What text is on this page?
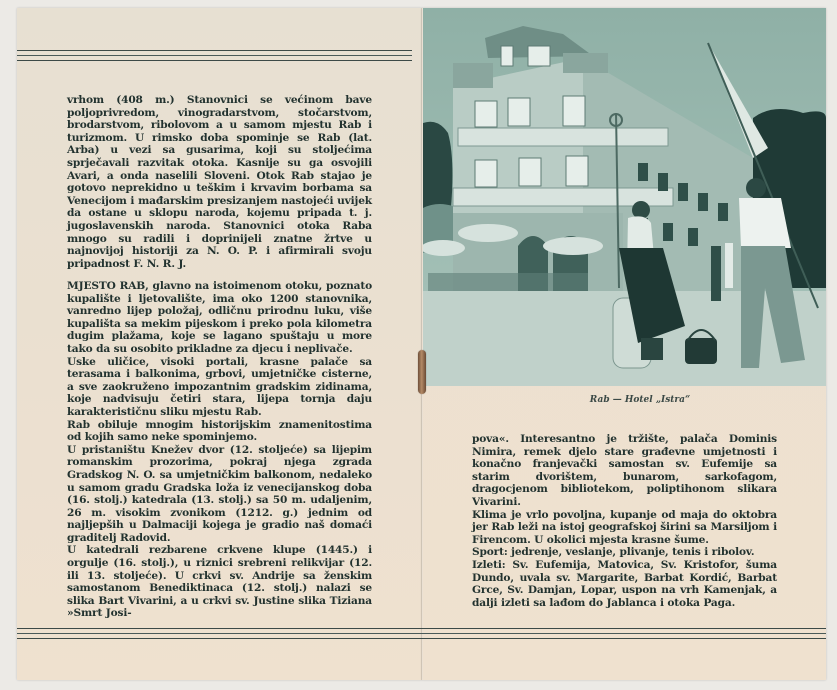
vrhom (408 m.) Stanovnici se većinom bave poljoprivredom, vinogradarstvom, stočarstvom, brodarstvom, ribolovom a u samom mjestu Rab i turizmom. U rimsko doba spominje se Rab (lat. Arba) u vezi sa gusarima, koji su stoljećima sprječavali razvitak otoka. Kasnije su ga osvojili Avari, a onda naselili Sloveni. Otok Rab stajao je gotovo neprekidno u teškim i krvavim borbama sa Venecijom i mađarskim presizanjem nastojeći uvijek da ostane u sklopu naroda, kojemu pripada t. j. jugoslavenskih naroda. Stanovnici otoka Raba mnogo su radili i doprinijeli znatne žrtve u najnovijoj historiji za N. O. P. i afirmirali svoju pripadnost F. N. R. J.

MJESTO RAB, glavno na istoimenom otoku, poznato kupalište i ljetovalište, ima oko 1200 stanovnika, vanredno lijep položaj, odličnu prirodnu luku, više kupališta sa mekim pijeskom i preko pola kilometra dugim plažama, koje se lagano spuštaju u more tako da su osobito prikladne za djecu i neplivače.

Uske uličice, visoki portali, krasne palače sa terasama i balkonima, grbovi, umjetničke cisterne, a sve zaokruženo impozantnim gradskim zidinama, koje nadvisuju četiri stara, lijepa tornja daju karakterističnu sliku mjestu Rab.

Rab obiluje mnogim historijskim znamenitostima od kojih samo neke spominjemo.

U pristaništu Knežev dvor (12. stoljeće) sa lijepim romanskim prozorima, pokraj njega zgrada Gradskog N. O. sa umjetničkim balkonom, nedaleko u samom gradu Gradska loža iz venecijanskog doba (16. stolj.) katedrala (13. stolj.) sa 50 m. udaljenim, 26 m. visokim zvonikom (1212. g.) jednim od najljepših u Dalmaciji kojega je gradio naš domaći graditelj Radovid.

U katedrali rezbarene crkvene klupe (1445.) i orgulje (16. stolj.), u riznici srebreni relikvijar (12. ili 13. stoljeće). U crkvi sv. Andrije sa ženskim samostanom Benediktinaca (12. stolj.) nalazi se slika Bart Vivarini, a u crkvi sv. Justine slika Tiziana »Smrt Josi-

Rab — Hotel „Istra“

pova«. Interesantno je tržište, palača Dominis Nimira, remek djelo stare građevne umjetnosti i konačno franjevački samostan sv. Eufemije sa starim dvorištem, bunarom, sarkofagom, dragocjenom bibliotekom, poliptihonom slikara Vivarini.

Klima je vrlo povoljna, kupanje od maja do oktobra jer Rab leži na istoj geografskoj širini sa Marsiljom i Firencom. U okolici mjesta krasne šume.

Sport: jedrenje, veslanje, plivanje, tenis i ribolov.

Izleti: Sv. Eufemija, Matovica, Sv. Kristofor, šuma Dundo, uvala sv. Margarite, Barbat Kordić, Barbat Grce, Sv. Damjan, Lopar, uspon na vrh Kamenjak, a dalji izleti sa lađom do Jablanca i otoka Paga.
